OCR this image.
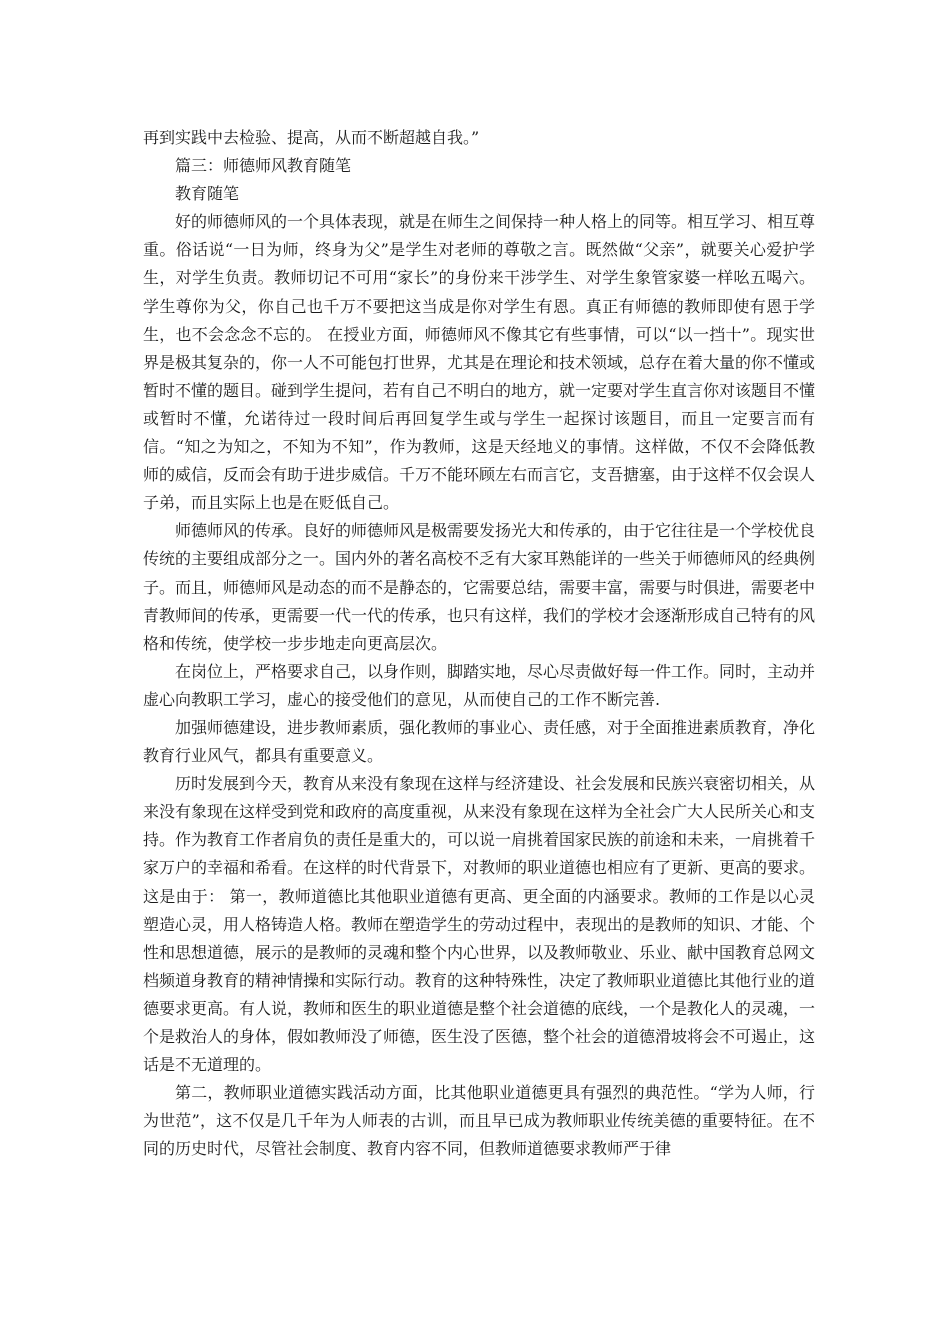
再到实践中去检验、提高，从而不断超越自我。”

篇三：师德师风教育随笔

教育随笔

好的师德师风的一个具体表现，就是在师生之间保持一种人格上的同等。相互学习、相互尊重。俗话说“一日为师，终身为父”是学生对老师的尊敬之言。既然做“父亲”，就要关心爱护学生，对学生负责。教师切记不可用“家长”的身份来干涉学生、对学生象管家婆一样吆五喝六。学生尊你为父，你自己也千万不要把这当成是你对学生有恩。真正有师德的教师即使有恩于学生，也不会念念不忘的。 在授业方面，师德师风不像其它有些事情，可以“以一挡十”。现实世界是极其复杂的，你一人不可能包打世界，尤其是在理论和技术领域，总存在着大量的你不懂或暂时不懂的题目。碰到学生提问，若有自己不明白的地方，就一定要对学生直言你对该题目不懂或暂时不懂，允诺待过一段时间后再回复学生或与学生一起探讨该题目，而且一定要言而有信。“知之为知之，不知为不知”，作为教师，这是天经地义的事情。这样做，不仅不会降低教师的威信，反而会有助于进步威信。千万不能环顾左右而言它，支吾搪塞，由于这样不仅会误人子弟，而且实际上也是在贬低自己。

师德师风的传承。良好的师德师风是极需要发扬光大和传承的，由于它往往是一个学校优良传统的主要组成部分之一。国内外的著名高校不乏有大家耳熟能详的一些关于师德师风的经典例子。而且，师德师风是动态的而不是静态的，它需要总结，需要丰富，需要与时俱进，需要老中青教师间的传承，更需要一代一代的传承，也只有这样，我们的学校才会逐渐形成自己特有的风格和传统，使学校一步步地走向更高层次。

在岗位上，严格要求自己，以身作则，脚踏实地，尽心尽责做好每一件工作。同时，主动并虚心向教职工学习，虚心的接受他们的意见，从而使自己的工作不断完善.

加强师德建设，进步教师素质，强化教师的事业心、责任感，对于全面推进素质教育，净化教育行业风气，都具有重要意义。

历时发展到今天，教育从来没有象现在这样与经济建设、社会发展和民族兴衰密切相关，从来没有象现在这样受到党和政府的高度重视，从来没有象现在这样为全社会广大人民所关心和支持。作为教育工作者肩负的责任是重大的，可以说一肩挑着国家民族的前途和未来，一肩挑着千家万户的幸福和希看。在这样的时代背景下，对教师的职业道德也相应有了更新、更高的要求。这是由于： 第一，教师道德比其他职业道德有更高、更全面的内涵要求。教师的工作是以心灵塑造心灵，用人格铸造人格。教师在塑造学生的劳动过程中，表现出的是教师的知识、才能、个性和思想道德，展示的是教师的灵魂和整个内心世界，以及教师敬业、乐业、献中国教育总网文档频道身教育的精神情操和实际行动。教育的这种特殊性，决定了教师职业道德比其他行业的道德要求更高。有人说，教师和医生的职业道德是整个社会道德的底线，一个是教化人的灵魂，一个是救治人的身体，假如教师没了师德，医生没了医德，整个社会的道德滑坡将会不可遏止，这话是不无道理的。

第二，教师职业道德实践活动方面，比其他职业道德更具有强烈的典范性。“学为人师，行为世范”，这不仅是几千年为人师表的古训，而且早已成为教师职业传统美德的重要特征。在不同的历史时代，尽管社会制度、教育内容不同，但教师道德要求教师严于律
